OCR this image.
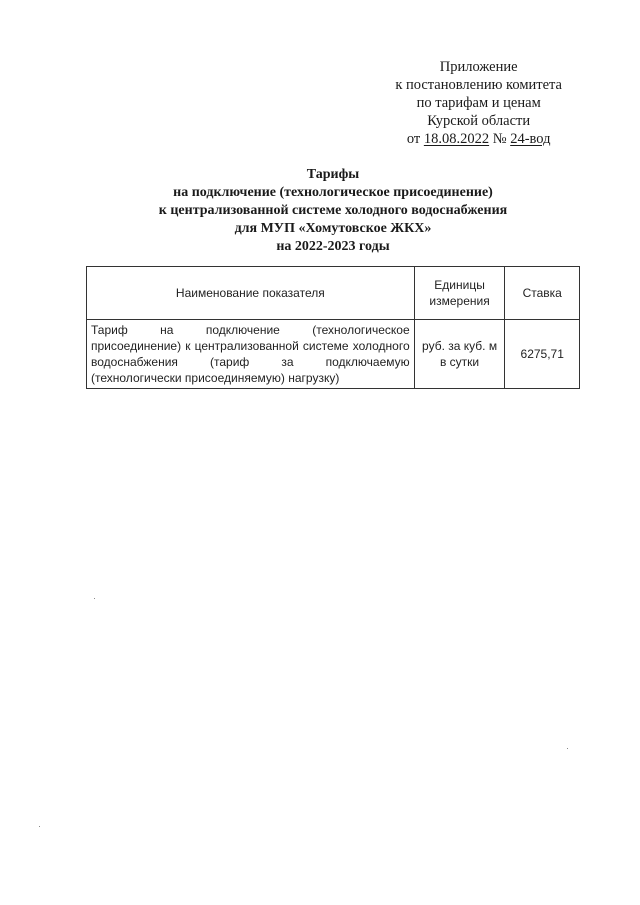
Приложение
к постановлению комитета
по тарифам и ценам
Курской области
от 18.08.2022 № 24-вод
Тарифы
на подключение (технологическое присоединение)
к централизованной системе холодного водоснабжения
для МУП «Хомутовское ЖКХ»
на 2022-2023 годы
Наименование показателя	Единицы измерения	Ставка
Тариф на подключение (технологическое присоединение) к централизованной системе холодного водоснабжения (тариф за подключаемую (технологически присоединяемую) нагрузку)	руб. за куб. м в сутки	6275,71
